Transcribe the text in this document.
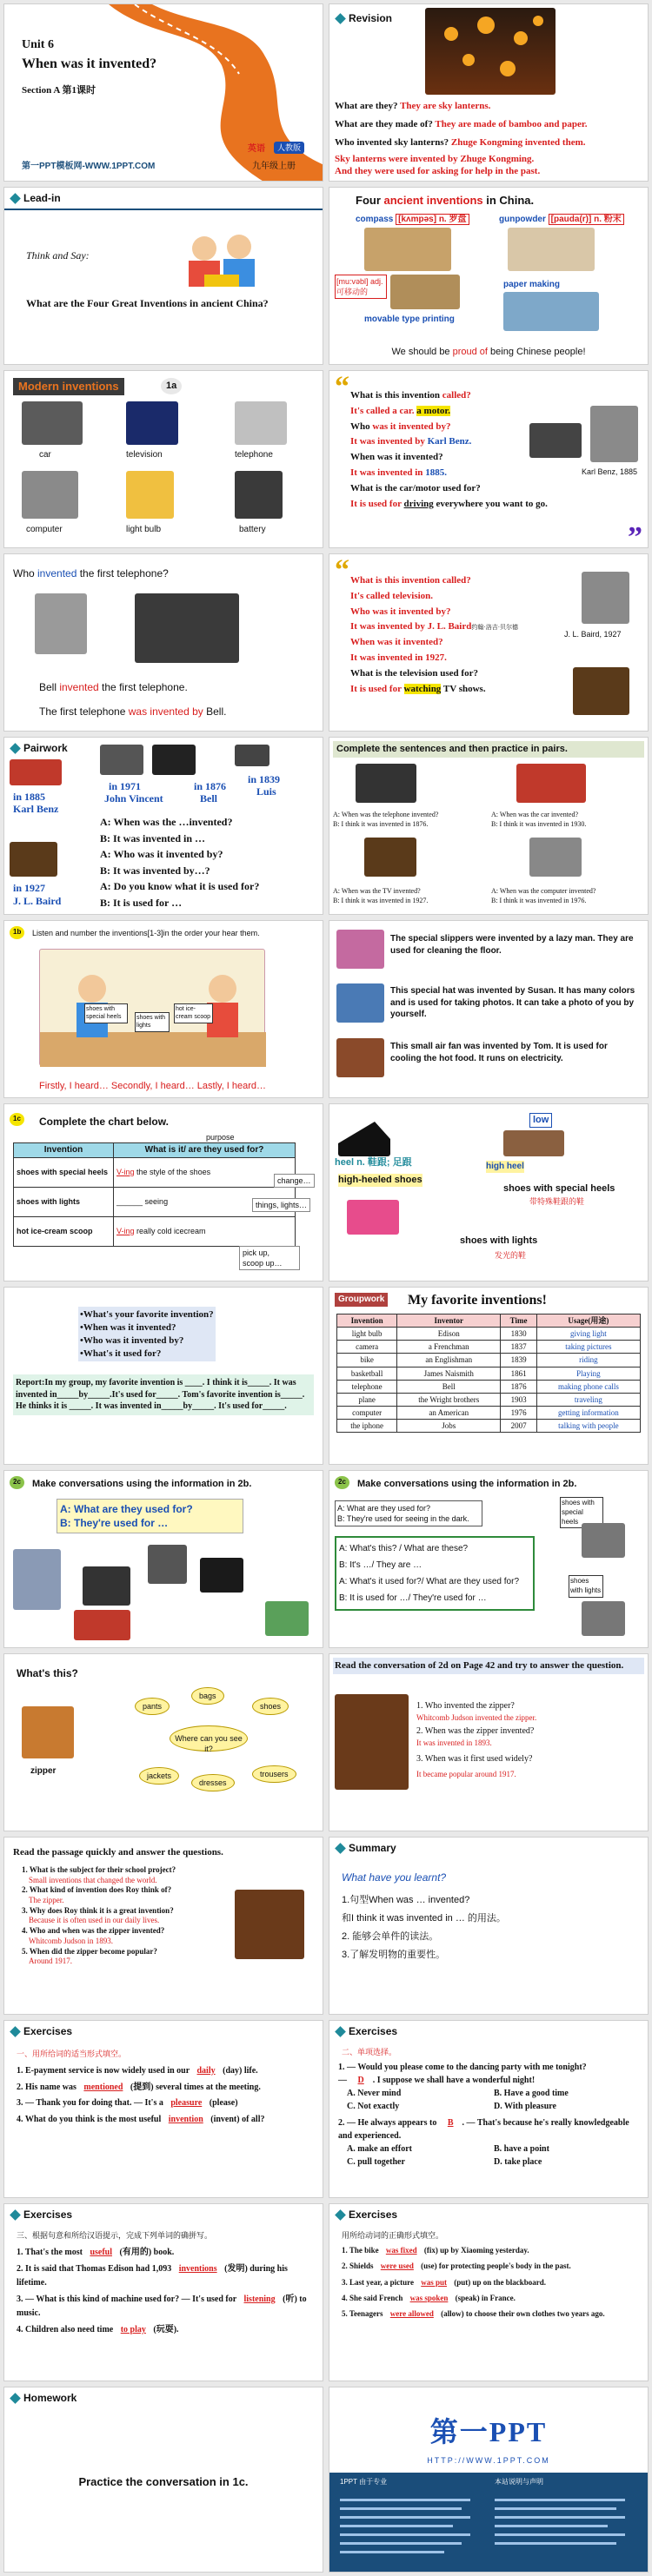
Unit 6
When was it invented?
Section A 第1课时
第一PPT模板网-WWW.1PPT.COM
英语	人教版
九年级上册
Revision
What are they? They are sky lanterns.
What are they made of? They are made of bamboo and paper.
Who invented sky lanterns? Zhuge Kongming invented them.
Sky lanterns were invented by Zhuge Kongming.
And they were used for asking for help in the past.
Lead-in
Think and Say:
What are the Four Great Inventions in ancient China?
Four ancient inventions in China.
compass [kʌmpəs] n. 罗盘	gunpowder [pauda(r)] n. 粉末
[mu:vəbl] adj. 可移动的
movable type printing
paper making
We should be proud of being Chinese people!
Modern inventions	1a
car	television	telephone
computer	light bulb	battery
“
”
What is this invention called?
It's called a car. a motor.
Who was it invented by?
It was invented by Karl Benz.
When was it invented?
It was invented in 1885.
What is the car/motor used for?
It is used for driving everywhere you want to go.
Karl Benz, 1885
Who invented the first telephone?
Bell invented the first telephone.
The first telephone was invented by Bell.
“ What is this invention called?
It's called television.
Who was it invented by?
It was invented by J. L. Baird约翰·洛吉·贝尔德
When was it invented?
It was invented in 1927.
What is the television used for?
It is used for watching TV shows.
J. L. Baird, 1927
Pairwork
in 1885
Karl Benz
in 1971
John Vincent
in 1876
Bell
in 1839
Luis
in 1927
J. L. Baird
A: When was the …invented?
B: It was invented in …
A: Who was it invented by?
B: It was invented by…?
A: Do you know what it is used for?
B: It is used for …
Complete the sentences and then practice in pairs.
A: When was the telephone invented?
B: I think it was invented in 1876.
A: When was the car invented?
B: I think it was invented in 1930.
A: When was the TV invented?
B: I think it was invented in 1927.
A: When was the computer invented?
B: I think it was invented in 1976.
1b	Listen and number the inventions[1-3]in the order your hear them.
shoes with special heels	shoes with lights
hot ice-cream scoop
Firstly, I heard… Secondly, I heard… Lastly, I heard…
The special slippers were invented by a lazy man. They are used for cleaning the floor.
This special hat was invented by Susan. It has many colors and is used for taking photos. It can take a photo of you by yourself.
This small air fan was invented by Tom. It is used for cooling the hot food. It runs on electricity.
1c	Complete the chart below.
purpose
Invention	What is it/ are they used for?
shoes with special heels	V-ing the style of the shoes
shoes with lights	______ seeing
hot ice-cream scoop	V-ing really cold icecream
change…
things, lights…
pick up,
scoop up…
low
high heel
heel n. 鞋跟; 足跟
high-heeled shoes
shoes with special heels
带特殊鞋跟的鞋
shoes with lights
发光的鞋
•What's your favorite invention?
•When was it invented?
•Who was it invented by?
•What's it used for?
Report:In my group, my favorite invention is ____. I think it is_____. It was invented in_____by_____.It's used for_____. Tom's favorite invention is_____. He thinks it is _____. It was invented in_____by_____. It's used for_____.
Groupwork My favorite inventions!
Invention	Inventor	Time	Usage(用途)
light bulb	Edison	1830	giving light
camera	a Frenchman	1837	taking pictures
bike	an Englishman	1839	riding
basketball	James Naismith	1861	Playing
telephone	Bell	1876	making phone calls
plane	the Wright brothers	1903	traveling
computer	an American	1976	getting information
the iphone	Jobs	2007	talking with people
2c	Make conversations using the information in 2b.
A: What are they used for?
B: They're used for …
2c	Make conversations using the information in 2b.
A: What are they used for?
B: They're used for seeing in the dark.
A: What's this? / What are these?
B: It's …/ They are …
A: What's it used for?/ What are they used for?
B: It is used for …/ They're used for …
shoes with special heels
shoes with lights
What's this?
zipper
Where can you see it?
pants
bags
shoes
jackets
dresses
trousers
Read the conversation of 2d on Page 42 and try to answer the question.
1. Who invented the zipper?
Whitcomb Judson invented the zipper.
2. When was the zipper invented?
It was invented in 1893.
3. When was it first used widely?
It became popular around 1917.
Read the passage quickly and answer the questions.
1. What is the subject for their school project?
Small inventions that changed the world.
2. What kind of invention does Roy think of?
The zipper.
3. Why does Roy think it is a great invention?
Because it is often used in our daily lives.
4. Who and when was the zipper invented?
Whitcomb Judson in 1893.
5. When did the zipper become popular?
Around 1917.
Summary
What have you learnt?
1.句型When was … invented?
和I think it was invented in … 的用法。
2. 能够会单件的读法。
3.了解发明物的重要性。
Exercises
一、用所给词的适当形式填空。
1. E-payment service is now widely used in our daily (day) life.
2. His name was mentioned (提到) several times at the meeting.
3. — Thank you for doing that. — It's a pleasure (please)
4. What do you think is the most useful invention (invent) of all?
Exercises
二、单项选择。
1. — Would you please come to the dancing party with me tonight?
— D . I suppose we shall have a wonderful night!
A. Never mind	B. Have a good time
C. Not exactly	D. With pleasure
2. — He always appears to B . — That's because he's really knowledgeable and experienced.
A. make an effort	B. have a point
C. pull together	D. take place
Exercises
三、根据句意和所给汉语提示，完成下列单词的确拼写。
1. That's the most useful (有用的) book.
2. It is said that Thomas Edison had 1,093 inventions (发明) during his lifetime.
3. — What is this kind of machine used for? — It's used for listening (听) to music.
4. Children also need time to play (玩耍).
Exercises
用所给动词的正确形式填空。
1. The bike was fixed (fix) up by Xiaoming yesterday.
2. Shields were used (use) for protecting people's body in the past.
3. Last year, a picture was put (put) up on the blackboard.
4. She said French was spoken (speak) in France.
5. Teenagers were allowed (allow) to choose their own clothes two years ago.
Homework
Practice the conversation in 1c.
第一PPT
HTTP://WWW.1PPT.COM
1PPT 由于专业	本站说明与声明
